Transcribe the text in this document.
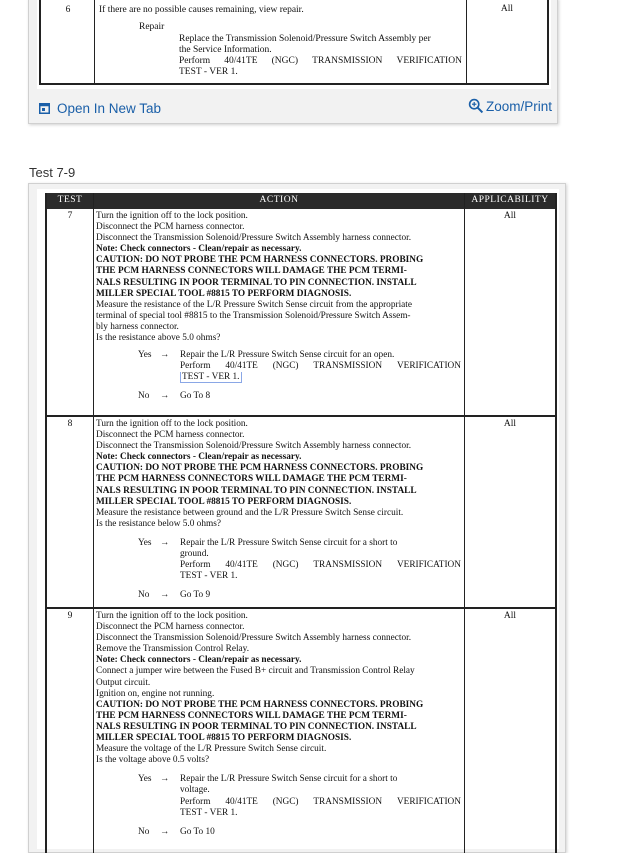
6	If there are no possible causes remaining, view repair.
Repair
Replace the Transmission Solenoid/Pressure Switch Assembly per
the Service Information.
Perform 40/41TE (NGC) TRANSMISSION VERIFICATION
TEST - VER 1.
All
Open In New Tab	Zoom/Print
Test 7-9
TEST	ACTION	APPLICABILITY
7	Turn the ignition off to the lock position.
Disconnect the PCM harness connector.
Disconnect the Transmission Solenoid/Pressure Switch Assembly harness connector.
Note: Check connectors - Clean/repair as necessary.
CAUTION: DO NOT PROBE THE PCM HARNESS CONNECTORS. PROBING
THE PCM HARNESS CONNECTORS WILL DAMAGE THE PCM TERMI-
NALS RESULTING IN POOR TERMINAL TO PIN CONNECTION. INSTALL
MILLER SPECIAL TOOL #8815 TO PERFORM DIAGNOSIS.
Measure the resistance of the L/R Pressure Switch Sense circuit from the appropriate
terminal of special tool #8815 to the Transmission Solenoid/Pressure Switch Assem-
bly harness connector.
Is the resistance above 5.0 ohms?
Yes → Repair the L/R Pressure Switch Sense circuit for an open.
Perform 40/41TE (NGC) TRANSMISSION VERIFICATION
TEST - VER 1.
No → Go To 8
All
8	Turn the ignition off to the lock position.
Disconnect the PCM harness connector.
Disconnect the Transmission Solenoid/Pressure Switch Assembly harness connector.
Note: Check connectors - Clean/repair as necessary.
CAUTION: DO NOT PROBE THE PCM HARNESS CONNECTORS. PROBING
THE PCM HARNESS CONNECTORS WILL DAMAGE THE PCM TERMI-
NALS RESULTING IN POOR TERMINAL TO PIN CONNECTION. INSTALL
MILLER SPECIAL TOOL #8815 TO PERFORM DIAGNOSIS.
Measure the resistance between ground and the L/R Pressure Switch Sense circuit.
Is the resistance below 5.0 ohms?
Yes → Repair the L/R Pressure Switch Sense circuit for a short to
ground.
Perform 40/41TE (NGC) TRANSMISSION VERIFICATION
TEST - VER 1.
No → Go To 9
All
9	Turn the ignition off to the lock position.
Disconnect the PCM harness connector.
Disconnect the Transmission Solenoid/Pressure Switch Assembly harness connector.
Remove the Transmission Control Relay.
Note: Check connectors - Clean/repair as necessary.
Connect a jumper wire between the Fused B+ circuit and Transmission Control Relay
Output circuit.
Ignition on, engine not running.
CAUTION: DO NOT PROBE THE PCM HARNESS CONNECTORS. PROBING
THE PCM HARNESS CONNECTORS WILL DAMAGE THE PCM TERMI-
NALS RESULTING IN POOR TERMINAL TO PIN CONNECTION. INSTALL
MILLER SPECIAL TOOL #8815 TO PERFORM DIAGNOSIS.
Measure the voltage of the L/R Pressure Switch Sense circuit.
Is the voltage above 0.5 volts?
Yes → Repair the L/R Pressure Switch Sense circuit for a short to
voltage.
Perform 40/41TE (NGC) TRANSMISSION VERIFICATION
TEST - VER 1.
No → Go To 10
All
